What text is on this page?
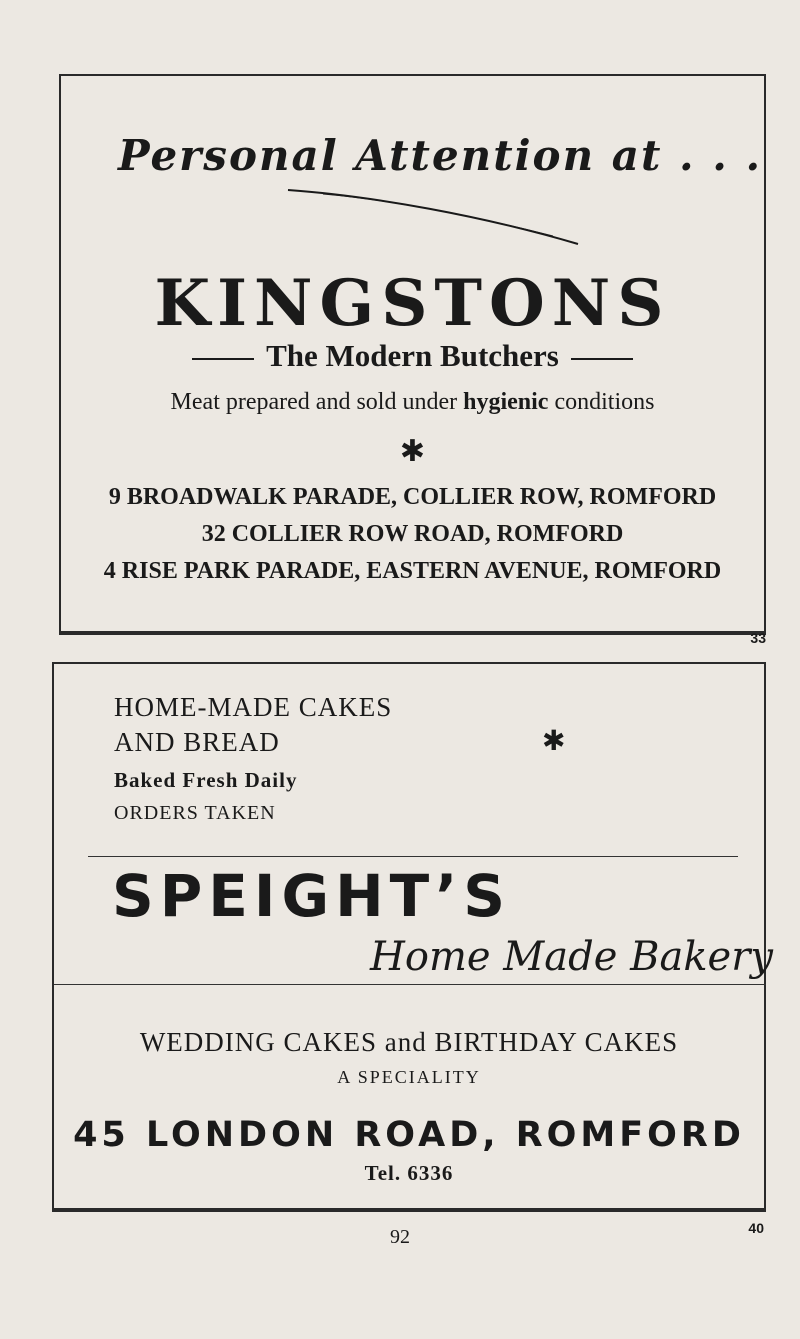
Personal Attention at . . .
KINGSTONS
The Modern Butchers
Meat prepared and sold under hygienic conditions
✱
9 BROADWALK PARADE, COLLIER ROW, ROMFORD
32 COLLIER ROW ROAD, ROMFORD
4 RISE PARK PARADE, EASTERN AVENUE, ROMFORD
33
HOME-MADE CAKES
AND BREAD	✱
Baked Fresh Daily
ORDERS TAKEN
SPEIGHT’S
Home Made Bakery
WEDDING CAKES and BIRTHDAY CAKES
A SPECIALITY
45 LONDON ROAD, ROMFORD
Tel. 6336
40
92
